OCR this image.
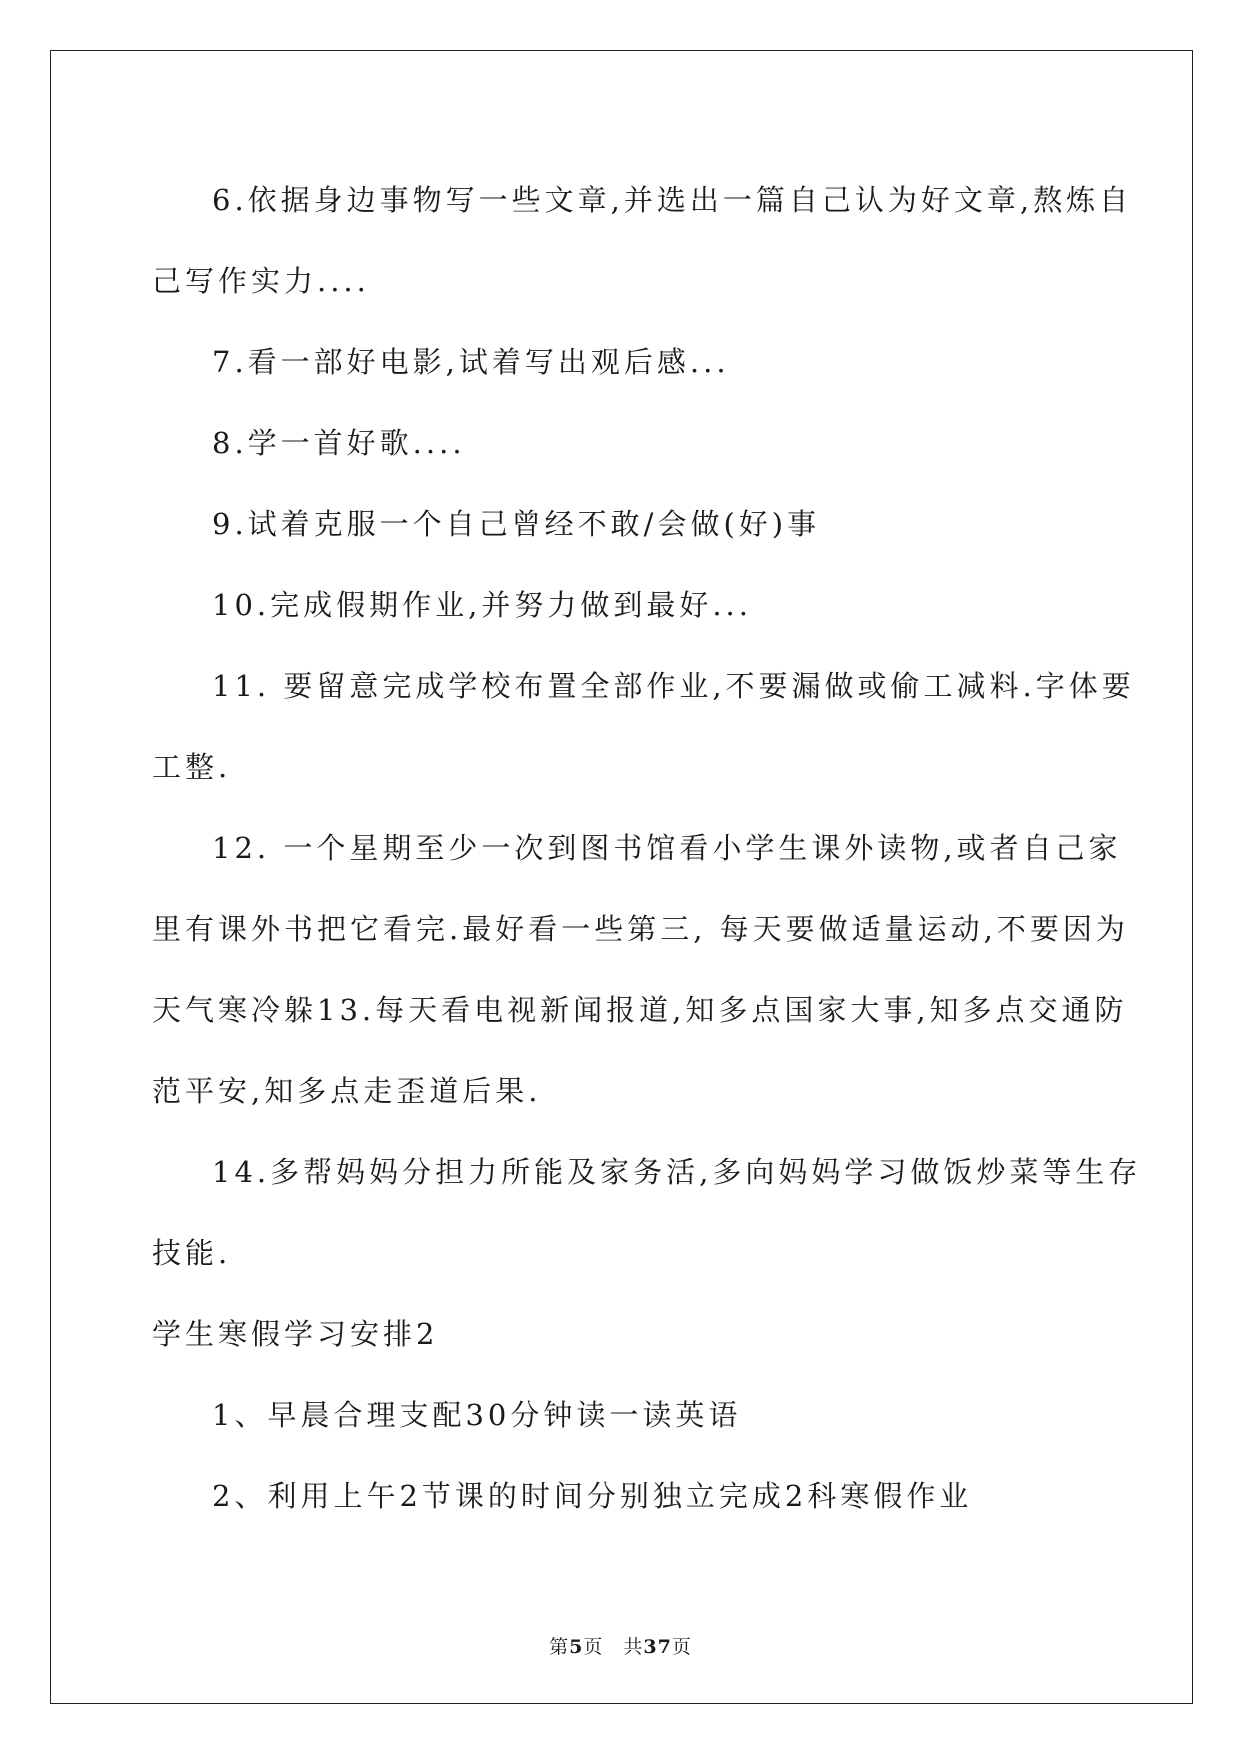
6.依据身边事物写一些文章,并选出一篇自己认为好文章,熬炼自

己写作实力....

7.看一部好电影,试着写出观后感...

8.学一首好歌....

9.试着克服一个自己曾经不敢/会做(好)事

10.完成假期作业,并努力做到最好...

11. 要留意完成学校布置全部作业,不要漏做或偷工减料.字体要

工整.

12. 一个星期至少一次到图书馆看小学生课外读物,或者自己家

里有课外书把它看完.最好看一些第三, 每天要做适量运动,不要因为

天气寒冷躲13.每天看电视新闻报道,知多点国家大事,知多点交通防

范平安,知多点走歪道后果.

14.多帮妈妈分担力所能及家务活,多向妈妈学习做饭炒菜等生存

技能.

学生寒假学习安排2

1、早晨合理支配30分钟读一读英语

2、利用上午2节课的时间分别独立完成2科寒假作业

第5页　共37页
